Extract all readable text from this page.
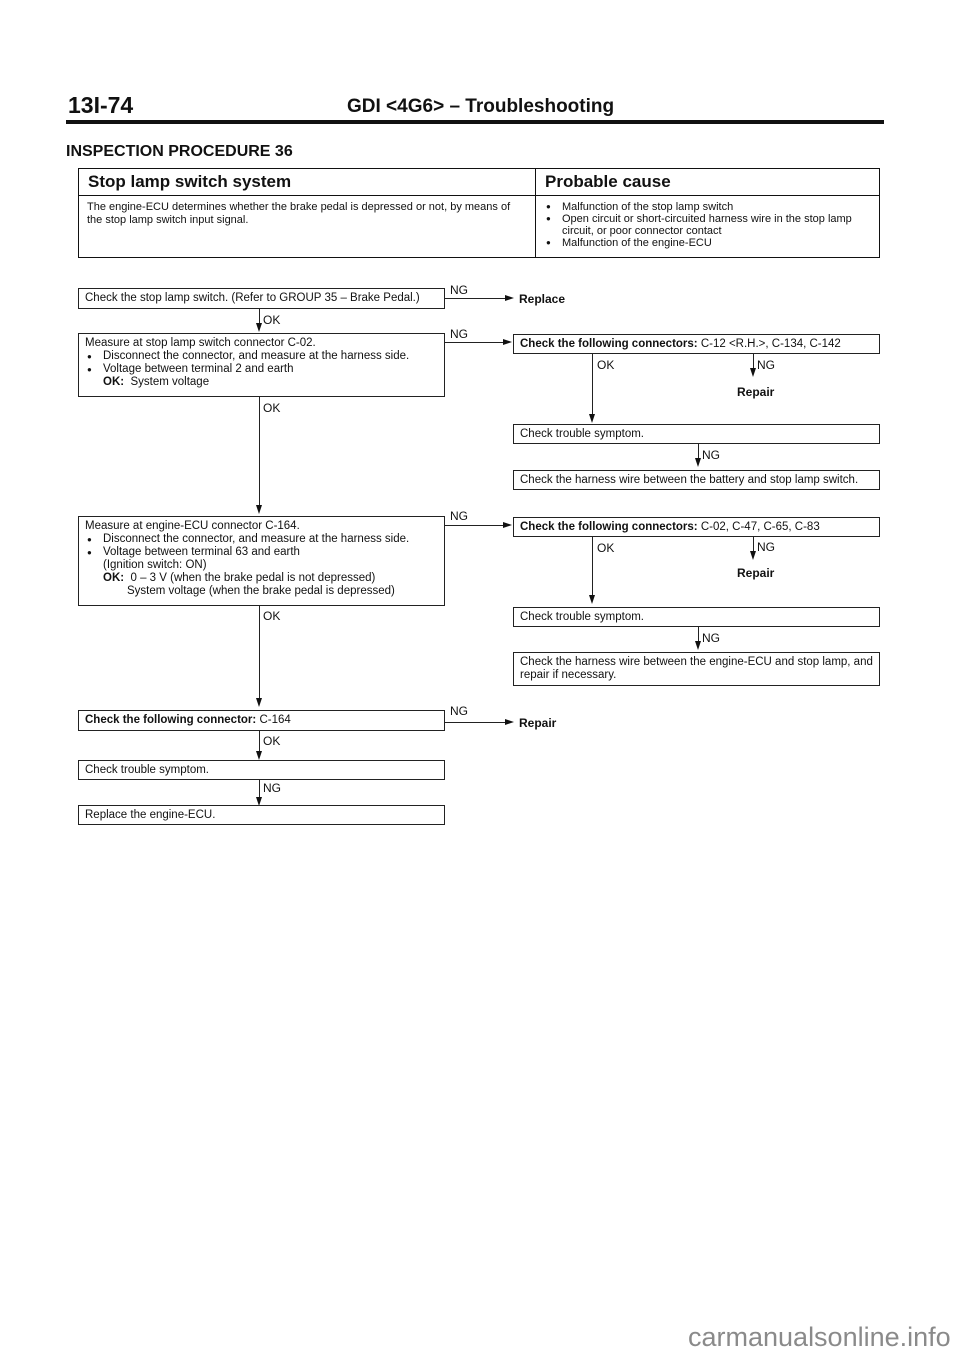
13I-74	GDI <4G6> – Troubleshooting
INSPECTION PROCEDURE 36
Stop lamp switch system	Probable cause
The engine-ECU determines whether the brake pedal is depressed or not, by means of the stop lamp switch input signal.
● Malfunction of the stop lamp switch
● Open circuit or short-circuited harness wire in the stop lamp circuit, or poor connector contact
● Malfunction of the engine-ECU
Check the stop lamp switch. (Refer to GROUP 35 – Brake Pedal.)
NG
Replace
OK
Measure at stop lamp switch connector C-02.
● Disconnect the connector, and measure at the harness side.
● Voltage between terminal 2 and earth
OK: System voltage
NG
OK
Check the following connectors: C-12 <R.H.>, C-134, C-142
OK	NG
Repair
Check trouble symptom.
NG
Check the harness wire between the battery and stop lamp switch.
Measure at engine-ECU connector C-164.
● Disconnect the connector, and measure at the harness side.
● Voltage between terminal 63 and earth
(Ignition switch: ON)
OK: 0 – 3 V (when the brake pedal is not depressed)
System voltage (when the brake pedal is depressed)
NG
OK
Check the following connectors: C-02, C-47, C-65, C-83
OK	NG
Repair
Check trouble symptom.
NG
Check the harness wire between the engine-ECU and stop lamp, and repair if necessary.
Check the following connector: C-164
NG
Repair
OK
Check trouble symptom.
NG
Replace the engine-ECU.
carmanualsonline.info
